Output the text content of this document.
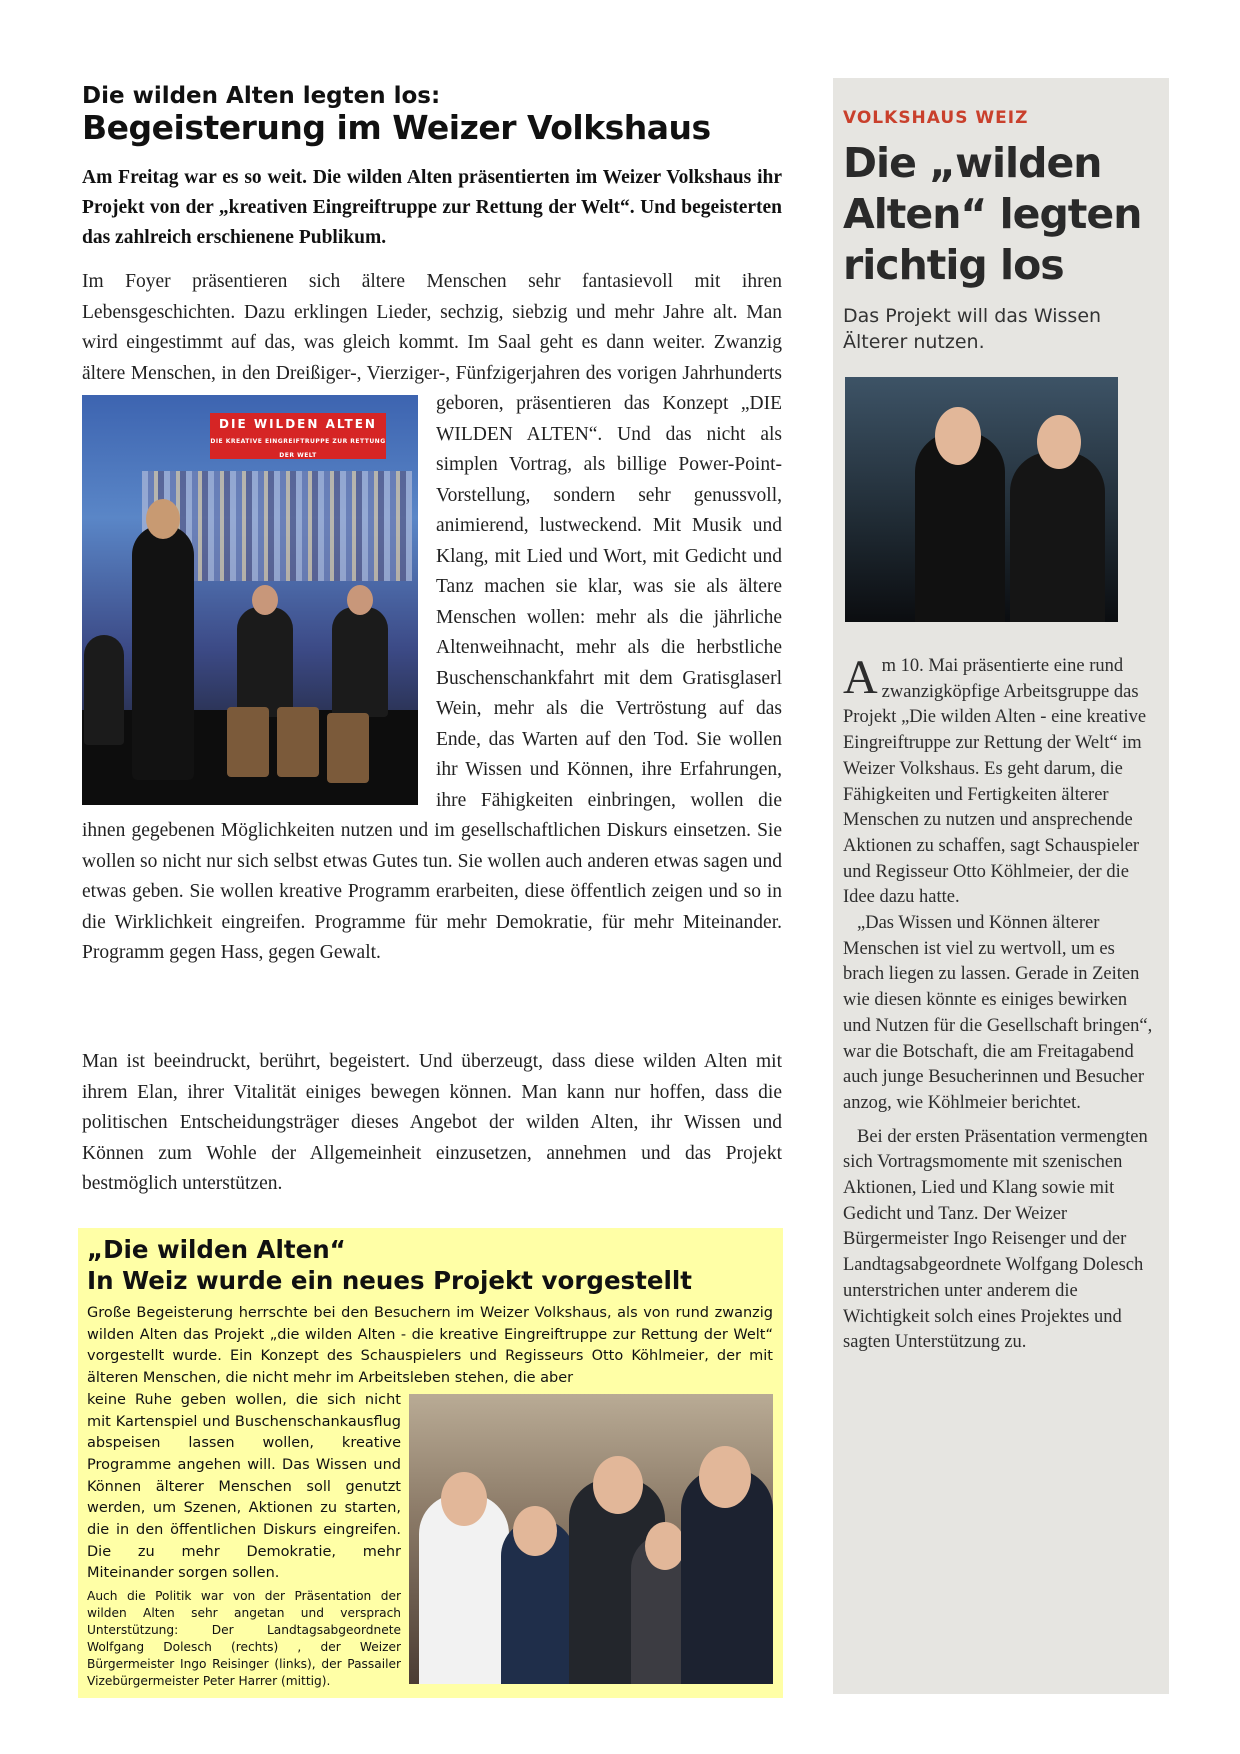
Die wilden Alten legten los:
Begeisterung im Weizer Volkshaus

Am Freitag war es so weit. Die wilden Alten präsentierten im Weizer Volkshaus ihr Projekt von der „kreativen Eingreiftruppe zur Rettung der Welt“. Und begeisterten das zahlreich erschienene Publikum.

Im Foyer präsentieren sich ältere Menschen sehr fantasievoll mit ihren Lebensgeschichten. Dazu erklingen Lieder, sechzig, siebzig und mehr Jahre alt. Man wird eingestimmt auf das, was gleich kommt. Im Saal geht es dann weiter. Zwanzig ältere Menschen, in den Dreißiger-, Vierziger-, Fünfzigerjahren
DIE WILDEN ALTEN
DIE KREATIVE EINGREIFTRUPPE ZUR RETTUNG DER WELT
des vorigen Jahrhunderts geboren, präsentieren das Konzept „DIE WILDEN ALTEN“. Und das nicht als simplen Vortrag, als billige Power-Point-Vorstellung, sondern sehr genussvoll, animierend, lustweckend. Mit Musik und Klang, mit Lied und Wort, mit Gedicht und Tanz machen sie klar, was sie als ältere Menschen wollen: mehr als die jährliche Altenweihnacht, mehr als die herbstliche Buschenschankfahrt mit dem Gratisglaserl Wein, mehr als die Vertröstung auf das Ende, das Warten auf den Tod. Sie wollen ihr Wissen und Können, ihre Erfahrungen, ihre Fähigkeiten einbringen, wollen die ihnen gegebenen Möglichkeiten nutzen und im gesellschaftlichen Diskurs einsetzen. Sie wollen so nicht nur sich selbst etwas Gutes tun. Sie wollen auch anderen etwas sagen und etwas geben. Sie wollen kreative Programm erarbeiten, diese öffentlich zeigen und so in die Wirklichkeit eingreifen. Programme für mehr Demokratie, für mehr Miteinander. Programm gegen Hass, gegen Gewalt.

Man ist beeindruckt, berührt, begeistert. Und überzeugt, dass diese wilden Alten mit ihrem Elan, ihrer Vitalität einiges bewegen können. Man kann nur hoffen, dass die politischen Entscheidungsträger dieses Angebot der wilden Alten, ihr Wissen und Können zum Wohle der Allgemeinheit einzusetzen, annehmen und das Projekt bestmöglich unterstützen.

„Die wilden Alten“
In Weiz wurde ein neues Projekt vorgestellt

Große Begeisterung herrschte bei den Besuchern im Weizer Volkshaus, als von rund zwanzig wilden Alten das Projekt „die wilden Alten - die kreative Eingreiftruppe zur Rettung der Welt“ vorgestellt wurde. Ein Konzept des Schauspielers und Regisseurs Otto Köhlmeier, der mit älteren Menschen, die nicht mehr im Arbeitsleben stehen, die aber

keine Ruhe geben wollen, die sich nicht mit Kartenspiel und Buschenschankausflug abspeisen lassen wollen, kreative Programme angehen will. Das Wissen und Können älterer Menschen soll genutzt werden, um Szenen, Aktionen zu starten, die in den öffentlichen Diskurs eingreifen. Die zu mehr Demokratie, mehr Miteinander sorgen sollen.

Auch die Politik war von der Präsentation der wilden Alten sehr angetan und versprach Unterstützung: Der Landtagsabgeordnete Wolfgang Dolesch (rechts) , der Weizer Bürgermeister Ingo Reisinger (links), der Passailer Vizebürgermeister Peter Harrer (mittig).

VOLKSHAUS WEIZ

Die „wilden Alten“ legten richtig los

Das Projekt will das Wissen Älterer nutzen.

Am 10. Mai präsentierte eine rund zwanzigköpfige Arbeitsgruppe das Projekt „Die wilden Alten - eine kreative Eingreiftruppe zur Rettung der Welt“ im Weizer Volkshaus. Es geht darum, die Fähigkeiten und Fertigkeiten älterer Menschen zu nutzen und ansprechende Aktionen zu schaffen, sagt Schauspieler und Regisseur Otto Köhlmeier, der die Idee dazu hatte.

„Das Wissen und Können älterer Menschen ist viel zu wertvoll, um es brach liegen zu lassen. Gerade in Zeiten wie diesen könnte es einiges bewirken und Nutzen für die Gesellschaft bringen“, war die Botschaft, die am Freitagabend auch junge Besucherinnen und Besucher anzog, wie Köhlmeier berichtet.

Bei der ersten Präsentation vermengten sich Vortragsmomente mit szenischen Aktionen, Lied und Klang sowie mit Gedicht und Tanz. Der Weizer Bürgermeister Ingo Reisenger und der Landtagsabgeordnete Wolfgang Dolesch unterstrichen unter anderem die Wichtigkeit solch eines Projektes und sagten Unterstützung zu.
